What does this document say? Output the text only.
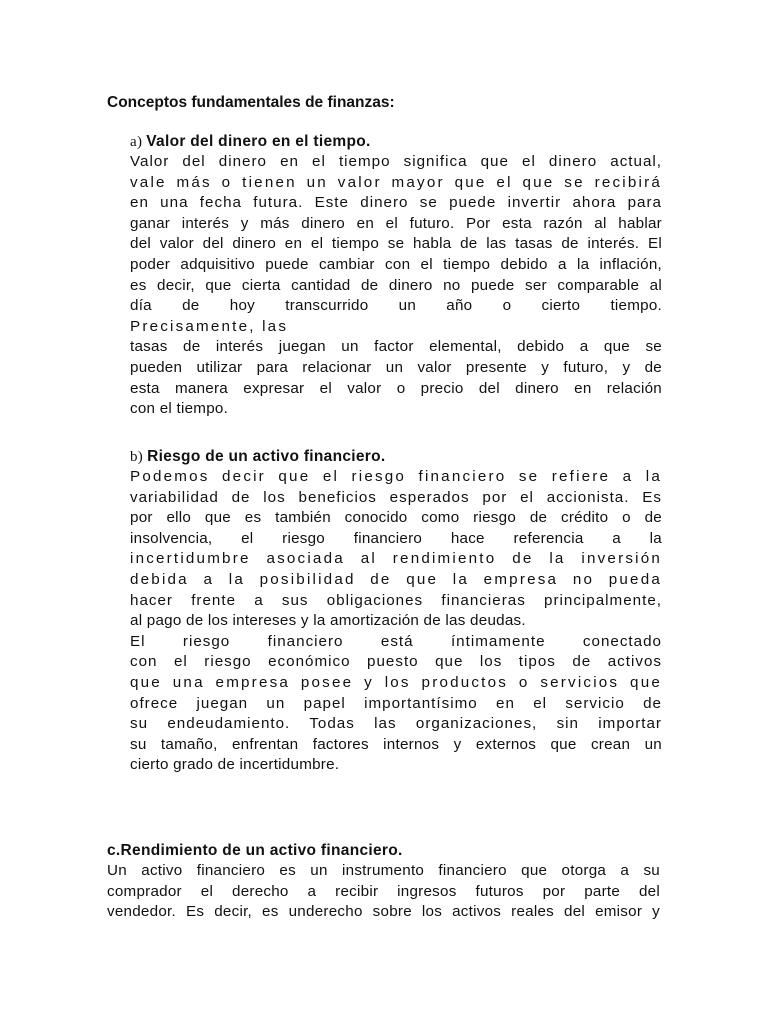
Conceptos fundamentales de finanzas:

a) Valor del dinero en el tiempo.

Valor del dinero en el tiempo significa que el dinero actual,
vale más o tienen un valor mayor que el que se recibirá
en una fecha futura. Este dinero se puede invertir ahora para
ganar interés y más dinero en el futuro. Por esta razón al hablar
del valor del dinero en el tiempo se habla de las tasas de interés. El
poder adquisitivo puede cambiar con el tiempo debido a la inflación,
es decir, que cierta cantidad de dinero no puede ser comparable al
día de hoy transcurrido un año o cierto tiempo.
Precisamente, las
tasas de interés juegan un factor elemental, debido a que se
pueden utilizar para relacionar un valor presente y futuro, y de
esta manera expresar el valor o precio del dinero en relación
con el tiempo.

b) Riesgo de un activo financiero.

Podemos decir que el riesgo financiero se refiere a la
variabilidad de los beneficios esperados por el accionista. Es
por ello que es también conocido como riesgo de crédito o de
insolvencia, el riesgo financiero hace referencia a la
incertidumbre asociada al rendimiento de la inversión
debida a la posibilidad de que la empresa no pueda
hacer frente a sus obligaciones financieras principalmente,
al pago de los intereses y la amortización de las deudas.
El riesgo financiero está íntimamente conectado
con el riesgo económico puesto que los tipos de activos
que una empresa posee y los productos o servicios que
ofrece juegan un papel importantísimo en el servicio de
su endeudamiento. Todas las organizaciones, sin importar
su tamaño, enfrentan factores internos y externos que crean un
cierto grado de incertidumbre.

c.Rendimiento de un activo financiero.

Un activo financiero es un instrumento financiero que otorga a su
comprador el derecho a recibir ingresos futuros por parte del
vendedor. Es decir, es underecho sobre los activos reales del emisor y
